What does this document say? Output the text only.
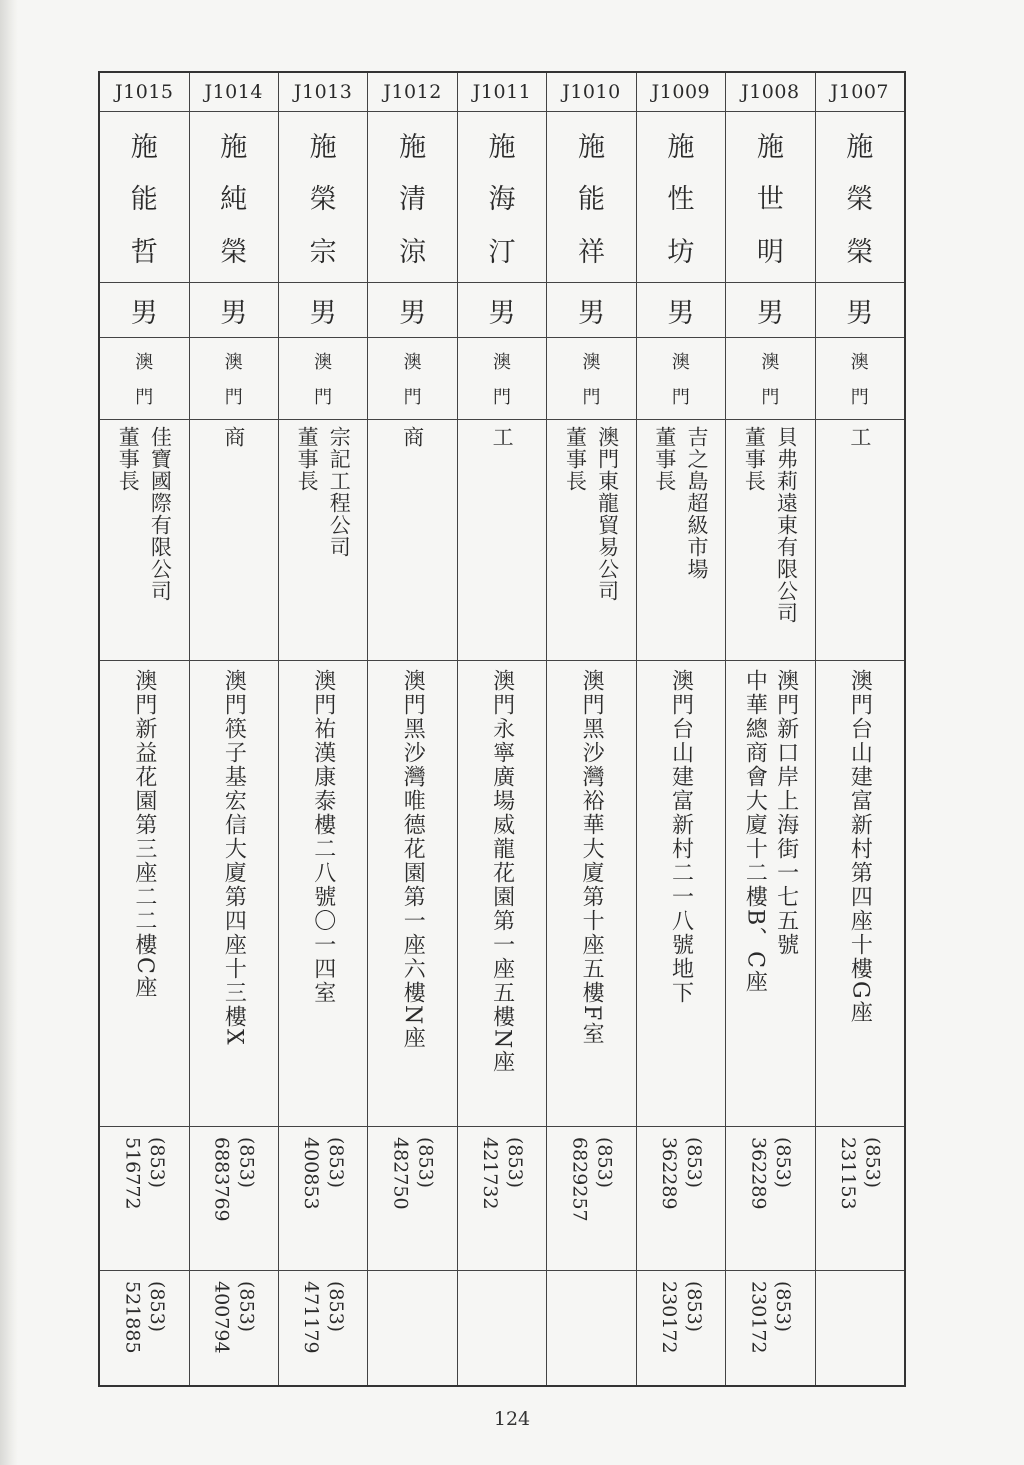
J1007
施
榮
榮
男
澳
門
工
澳門台山建富新村第四座十樓G座
(853)
231153
J1008
施
世
明
男
澳
門
貝弗莉遠東有限公司
董事長
澳門新口岸上海街一七五號
中華總商會大廈十二樓B、C座
(853)
362289
(853)
230172
J1009
施
性
坊
男
澳
門
吉之島超級市場
董事長
澳門台山建富新村二一八號地下
(853)
362289
(853)
230172
J1010
施
能
祥
男
澳
門
澳門東龍貿易公司
董事長
澳門黑沙灣裕華大廈第十座五樓F室
(853)
6829257
J1011
施
海
汀
男
澳
門
工
澳門永寧廣場威龍花園第一座五樓N座
(853)
421732
J1012
施
清
涼
男
澳
門
商
澳門黑沙灣唯德花園第一座六樓N座
(853)
482750
J1013
施
榮
宗
男
澳
門
宗記工程公司
董事長
澳門祐漢康泰樓二八號〇一四室
(853)
400853
(853)
471179
J1014
施
純
榮
男
澳
門
商
澳門筷子基宏信大廈第四座十三樓X
(853)
6883769
(853)
400794
J1015
施
能
哲
男
澳
門
佳寶國際有限公司
董事長
澳門新益花園第三座二二樓C座
(853)
516772
(853)
521885
124
